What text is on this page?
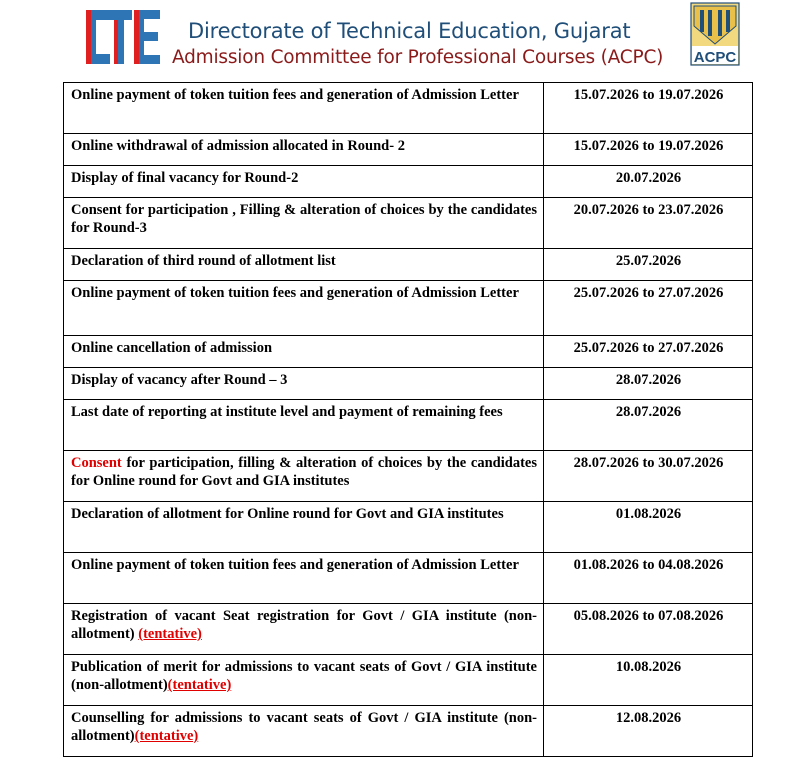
Directorate of Technical Education, Gujarat
Admission Committee for Professional Courses (ACPC) ACPC
Online payment of token tuition fees and generation of Admission Letter	15.07.2026 to 19.07.2026
Online withdrawal of admission allocated in Round- 2	15.07.2026 to 19.07.2026
Display of final vacancy for Round-2	20.07.2026
Consent for participation , Filling & alteration of choices by the candidates for Round-3	20.07.2026 to 23.07.2026
Declaration of third round of allotment list	25.07.2026
Online payment of token tuition fees and generation of Admission Letter	25.07.2026 to 27.07.2026
Online cancellation of admission	25.07.2026 to 27.07.2026
Display of vacancy after Round – 3	28.07.2026
Last date of reporting at institute level and payment of remaining fees	28.07.2026
Consent for participation, filling & alteration of choices by the candidates for Online round for Govt and GIA institutes	28.07.2026 to 30.07.2026
Declaration of allotment for Online round for Govt and GIA institutes	01.08.2026
Online payment of token tuition fees and generation of Admission Letter	01.08.2026 to 04.08.2026
Registration of vacant Seat registration for Govt / GIA institute (non-allotment) (tentative)	05.08.2026 to 07.08.2026
Publication of merit for admissions to vacant seats of Govt / GIA institute (non-allotment)(tentative)	10.08.2026
Counselling for admissions to vacant seats of Govt / GIA institute (non-allotment)(tentative)	12.08.2026
